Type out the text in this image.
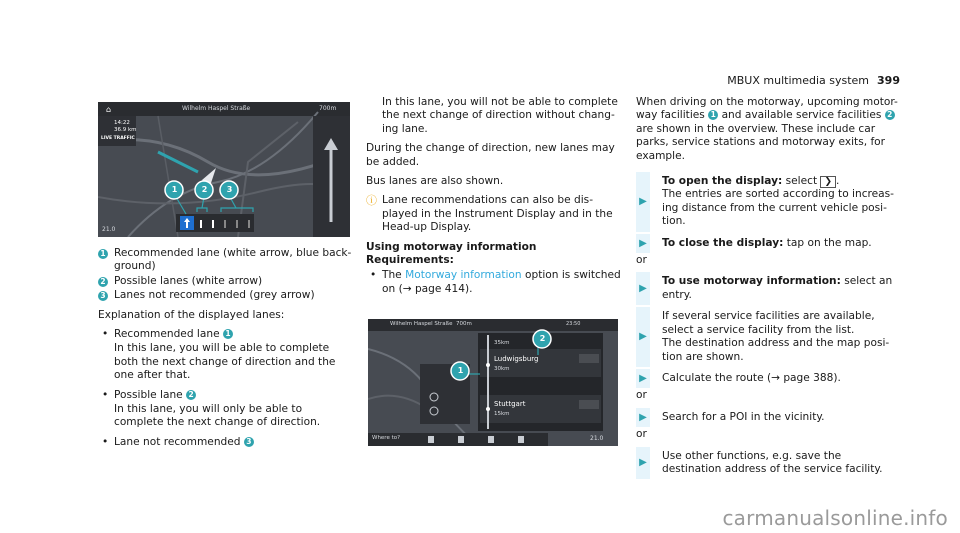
MBUX multimedia system 399
⌂	Wilhelm Haspel Straße	700m
14:22
36.9 km
LIVE TRAFFIC
21.0
1	2 3
1 Recommended lane (white arrow, blue back-ground)
2 Possible lanes (white arrow)
3 Lanes not recommended (grey arrow)

Explanation of the displayed lanes:

• Recommended lane 1
In this lane, you will be able to complete both the next change of direction and the one after that.
• Possible lane 2
In this lane, you will only be able to complete the next change of direction.
• Lane not recommended 3
In this lane, you will not be able to complete the next change of direction without chang-ing lane.

During the change of direction, new lanes may be added.

Bus lanes are also shown.

ⓘ Lane recommendations can also be dis-played in the Instrument Display and in the Head-up Display.
Using motorway information
Requirements:
• The Motorway information option is switched on (→ page 414).
Wilhelm Haspel Straße 700m	23:50
35km
Ludwigsburg
30km
Stuttgart
15km
Where to?	21.0
1
2

When driving on the motorway, upcoming motor-way facilities 1 and available service facilities 2 are shown in the overview. These include car parks, service stations and motorway exits, for example.

▶
To open the display: select ❯ .
The entries are sorted according to increas-ing distance from the current vehicle posi-tion.
▶ To close the display: tap on the map.
or
▶
To use motorway information: select an entry.
▶
If several service facilities are available, select a service facility from the list.
The destination address and the map posi-tion are shown.
▶ Calculate the route (→ page 388).
or
▶ Search for a POI in the vicinity.
or
▶
Use other functions, e.g. save the destination address of the service facility.
carmanualsonline.info
